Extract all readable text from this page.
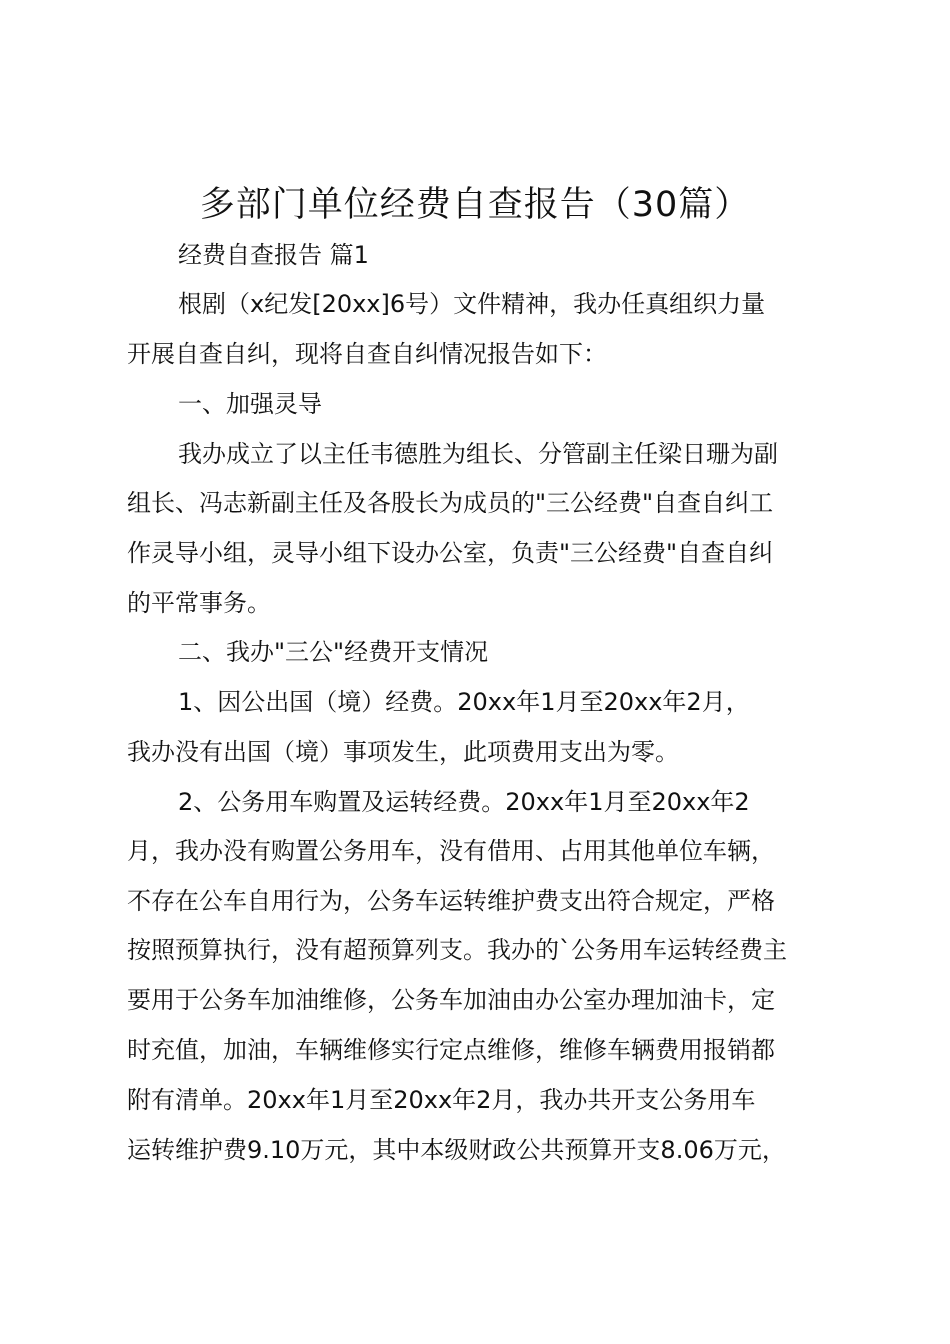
多部门单位经费自查报告（30篇）
经费自查报告 篇1
根剧（x纪发[20xx]6号）文件精神，我办任真组织力量
开展自查自纠，现将自查自纠情况报告如下：
一、加强灵导
我办成立了以主任韦德胜为组长、分管副主任梁日珊为副
组长、冯志新副主任及各股长为成员的"三公经费"自查自纠工
作灵导小组，灵导小组下设办公室，负责"三公经费"自查自纠
的平常事务。
二、我办"三公"经费开支情况
1、因公出国（境）经费。20xx年1月至20xx年2月，
我办没有出国（境）事项发生，此项费用支出为零。
2、公务用车购置及运转经费。20xx年1月至20xx年2
月，我办没有购置公务用车，没有借用、占用其他单位车辆，
不存在公车自用行为，公务车运转维护费支出符合规定，严格
按照预算执行，没有超预算列支。我办的`公务用车运转经费主
要用于公务车加油维修，公务车加油由办公室办理加油卡，定
时充值，加油，车辆维修实行定点维修，维修车辆费用报销都
附有清单。20xx年1月至20xx年2月，我办共开支公务用车
运转维护费9.10万元，其中本级财政公共预算开支8.06万元，
